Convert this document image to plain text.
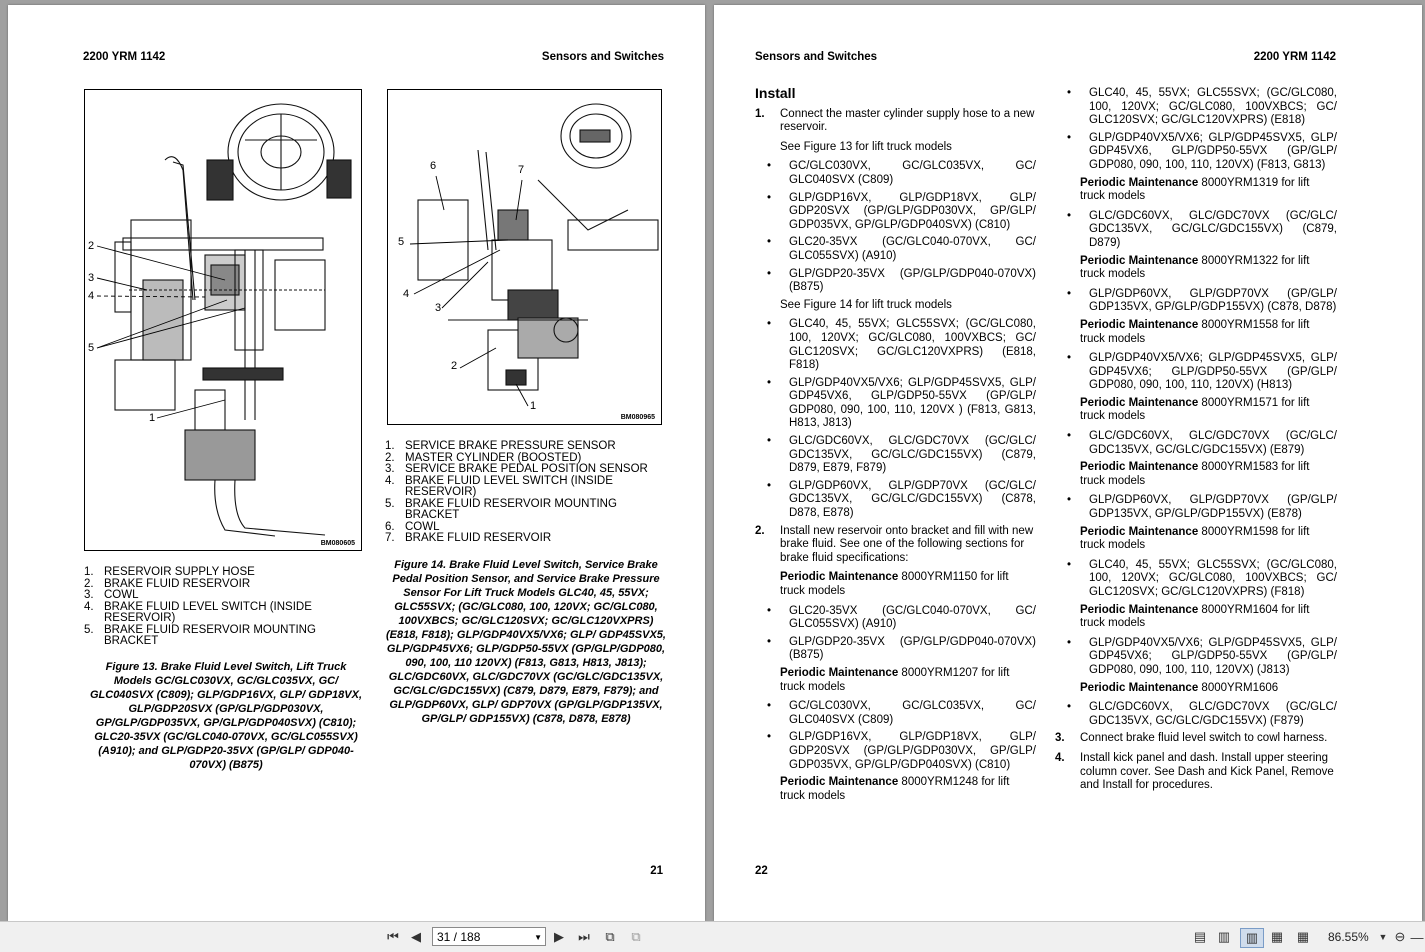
2200 YRM 1142	Sensors and Switches
2
3
4
5
1
BM080605
6	7
5
4
3
2
1
BM080965
1. RESERVOIR SUPPLY HOSE
2. BRAKE FLUID RESERVOIR
3. COWL
4. BRAKE FLUID LEVEL SWITCH (INSIDE RESERVOIR)
5. BRAKE FLUID RESERVOIR MOUNTING BRACKET
1. SERVICE BRAKE PRESSURE SENSOR
2. MASTER CYLINDER (BOOSTED)
3. SERVICE BRAKE PEDAL POSITION SENSOR
4. BRAKE FLUID LEVEL SWITCH (INSIDE RESERVOIR)
5. BRAKE FLUID RESERVOIR MOUNTING BRACKET
6. COWL
7. BRAKE FLUID RESERVOIR
Figure 13. Brake Fluid Level Switch, Lift Truck Models GC/GLC030VX, GC/GLC035VX, GC/ GLC040SVX (C809); GLP/GDP16VX, GLP/ GDP18VX, GLP/GDP20SVX (GP/GLP/GDP030VX, GP/GLP/GDP035VX, GP/GLP/GDP040SVX) (C810); GLC20-35VX (GC/GLC040-070VX, GC/GLC055SVX) (A910); and GLP/GDP20-35VX (GP/GLP/ GDP040-070VX) (B875)
Figure 14. Brake Fluid Level Switch, Service Brake Pedal Position Sensor, and Service Brake Pressure Sensor For Lift Truck Models GLC40, 45, 55VX; GLC55SVX; (GC/GLC080, 100, 120VX; GC/GLC080, 100VXBCS; GC/GLC120SVX; GC/GLC120VXPRS) (E818, F818); GLP/GDP40VX5/VX6; GLP/ GDP45SVX5, GLP/GDP45VX6; GLP/GDP50-55VX (GP/GLP/GDP080, 090, 100, 110 120VX) (F813, G813, H813, J813); GLC/GDC60VX, GLC/GDC70VX (GC/GLC/GDC135VX, GC/GLC/GDC155VX) (C879, D879, E879, F879); and GLP/GDP60VX, GLP/ GDP70VX (GP/GLP/GDP135VX, GP/GLP/ GDP155VX) (C878, D878, E878)
21
Sensors and Switches	2200 YRM 1142

Install

1. Connect the master cylinder supply hose to a new reservoir.

See Figure 13 for lift truck models

• GC/GLC030VX, GC/GLC035VX, GC/ GLC040SVX (C809)

• GLP/GDP16VX, GLP/GDP18VX, GLP/ GDP20SVX (GP/GLP/GDP030VX, GP/GLP/ GDP035VX, GP/GLP/GDP040SVX) (C810)

• GLC20-35VX (GC/GLC040-070VX, GC/ GLC055SVX) (A910)

• GLP/GDP20-35VX (GP/GLP/GDP040-070VX) (B875)

See Figure 14 for lift truck models

• GLC40, 45, 55VX; GLC55SVX; (GC/GLC080, 100, 120VX; GC/GLC080, 100VXBCS; GC/ GLC120SVX; GC/GLC120VXPRS) (E818, F818)

• GLP/GDP40VX5/VX6; GLP/GDP45SVX5, GLP/ GDP45VX6, GLP/GDP50-55VX (GP/GLP/ GDP080, 090, 100, 110, 120VX ) (F813, G813, H813, J813)

• GLC/GDC60VX, GLC/GDC70VX (GC/GLC/ GDC135VX, GC/GLC/GDC155VX) (C879, D879, E879, F879)

• GLP/GDP60VX, GLP/GDP70VX (GC/GLC/ GDC135VX, GC/GLC/GDC155VX) (C878, D878, E878)

2. Install new reservoir onto bracket and fill with new brake fluid. See one of the following sections for brake fluid specifications:

Periodic Maintenance 8000YRM1150 for lift truck models

• GLC20-35VX (GC/GLC040-070VX, GC/ GLC055SVX) (A910)

• GLP/GDP20-35VX (GP/GLP/GDP040-070VX) (B875)

Periodic Maintenance 8000YRM1207 for lift truck models

• GC/GLC030VX, GC/GLC035VX, GC/ GLC040SVX (C809)

• GLP/GDP16VX, GLP/GDP18VX, GLP/ GDP20SVX (GP/GLP/GDP030VX, GP/GLP/ GDP035VX, GP/GLP/GDP040SVX) (C810)

Periodic Maintenance 8000YRM1248 for lift truck models

• GLC40, 45, 55VX; GLC55SVX; (GC/GLC080, 100, 120VX; GC/GLC080, 100VXBCS; GC/ GLC120SVX; GC/GLC120VXPRS) (E818)

• GLP/GDP40VX5/VX6; GLP/GDP45SVX5, GLP/ GDP45VX6, GLP/GDP50-55VX (GP/GLP/ GDP080, 090, 100, 110, 120VX) (F813, G813)

Periodic Maintenance 8000YRM1319 for lift truck models

• GLC/GDC60VX, GLC/GDC70VX (GC/GLC/ GDC135VX, GC/GLC/GDC155VX) (C879, D879)

Periodic Maintenance 8000YRM1322 for lift truck models

• GLP/GDP60VX, GLP/GDP70VX (GP/GLP/ GDP135VX, GP/GLP/GDP155VX) (C878, D878)

Periodic Maintenance 8000YRM1558 for lift truck models

• GLP/GDP40VX5/VX6; GLP/GDP45SVX5, GLP/ GDP45VX6; GLP/GDP50-55VX (GP/GLP/ GDP080, 090, 100, 110, 120VX) (H813)

Periodic Maintenance 8000YRM1571 for lift truck models

• GLC/GDC60VX, GLC/GDC70VX (GC/GLC/ GDC135VX, GC/GLC/GDC155VX) (E879)

Periodic Maintenance 8000YRM1583 for lift truck models

• GLP/GDP60VX, GLP/GDP70VX (GP/GLP/ GDP135VX, GP/GLP/GDP155VX) (E878)

Periodic Maintenance 8000YRM1598 for lift truck models

• GLC40, 45, 55VX; GLC55SVX; (GC/GLC080, 100, 120VX; GC/GLC080, 100VXBCS; GC/ GLC120SVX; GC/GLC120VXPRS) (F818)

Periodic Maintenance 8000YRM1604 for lift truck models

• GLP/GDP40VX5/VX6; GLP/GDP45SVX5, GLP/ GDP45VX6; GLP/GDP50-55VX (GP/GLP/ GDP080, 090, 100, 110, 120VX) (J813)

Periodic Maintenance 8000YRM1606

• GLC/GDC60VX, GLC/GDC70VX (GC/GLC/ GDC135VX, GC/GLC/GDC155VX) (F879)

3. Connect brake fluid level switch to cowl harness.

4. Install kick panel and dash. Install upper steering column cover. See Dash and Kick Panel, Remove and Install for procedures.

22
⏮ ◀	31 / 188	▼ ▶ ⏭	⧉	⧉	▤ ▥	▥ ▦ ▦ 86.55% ▼ ⊖ —
